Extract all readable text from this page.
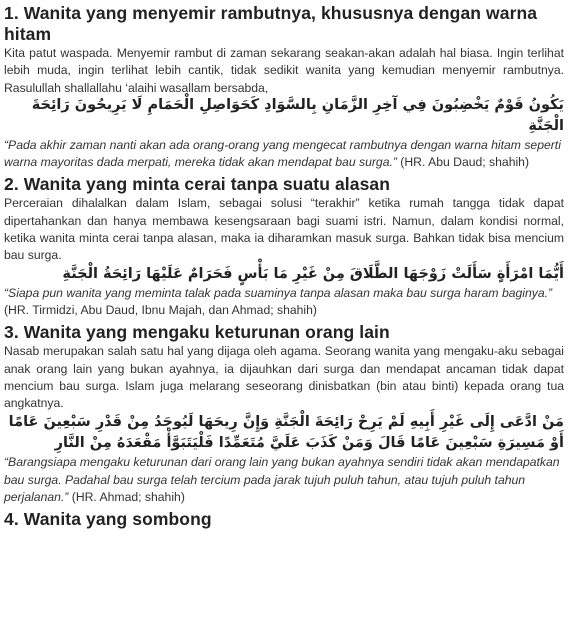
1. Wanita yang menyemir rambutnya, khususnya dengan warna hitam

Kita patut waspada. Menyemir rambut di zaman sekarang seakan-akan adalah hal biasa. Ingin terlihat lebih muda, ingin terlihat lebih cantik, tidak sedikit wanita yang kemudian menyemir rambutnya. Rasulullah shallallahu ‘alaihi wasallam bersabda,

يَكُونُ قَوْمٌ يَخْضِبُونَ فِي آخِرِ الزَّمَانِ بِالسَّوَادِ كَحَوَاصِلِ الْحَمَامِ لَا يَرِيحُونَ رَائِحَةَ الْجَنَّةِ

“Pada akhir zaman nanti akan ada orang-orang yang mengecat rambutnya dengan warna hitam seperti warna mayoritas dada merpati, mereka tidak akan mendapat bau surga.” (HR. Abu Daud; shahih)

2. Wanita yang minta cerai tanpa suatu alasan

Perceraian dihalalkan dalam Islam, sebagai solusi “terakhir” ketika rumah tangga tidak dapat dipertahankan dan hanya membawa kesengsaraan bagi suami istri. Namun, dalam kondisi normal, ketika wanita minta cerai tanpa alasan, maka ia diharamkan masuk surga. Bahkan tidak bisa mencium bau surga.

أَيُّمَا امْرَأَةٍ سَأَلَتْ زَوْجَهَا الطَّلَاقَ مِنْ غَيْرِ مَا بَأْسٍ فَحَرَامٌ عَلَيْهَا رَائِحَةُ الْجَنَّةِ

“Siapa pun wanita yang meminta talak pada suaminya tanpa alasan maka bau surga haram baginya.” (HR. Tirmidzi, Abu Daud, Ibnu Majah, dan Ahmad; shahih)

3. Wanita yang mengaku keturunan orang lain

Nasab merupakan salah satu hal yang dijaga oleh agama. Seorang wanita yang mengaku-aku sebagai anak orang lain yang bukan ayahnya, ia dijauhkan dari surga dan mendapat ancaman tidak dapat mencium bau surga. Islam juga melarang seseorang dinisbatkan (bin atau binti) kepada orang tua angkatnya.

مَنْ ادَّعَى إِلَى غَيْرِ أَبِيهِ لَمْ يَرِحْ رَائِحَةَ الْجَنَّةِ وَإِنَّ رِيحَهَا لَيُوجَدُ مِنْ قَدْرِ سَبْعِينَ عَامًا أَوْ مَسِيرَةِ سَبْعِينَ عَامًا قَالَ وَمَنْ كَذَبَ عَلَيَّ مُتَعَمِّدًا فَلْيَتَبَوَّأْ مَقْعَدَهُ مِنْ النَّارِ

“Barangsiapa mengaku keturunan dari orang lain yang bukan ayahnya sendiri tidak akan mendapatkan bau surga. Padahal bau surga telah tercium pada jarak tujuh puluh tahun, atau tujuh puluh tahun perjalanan.” (HR. Ahmad; shahih)

4. Wanita yang sombong
